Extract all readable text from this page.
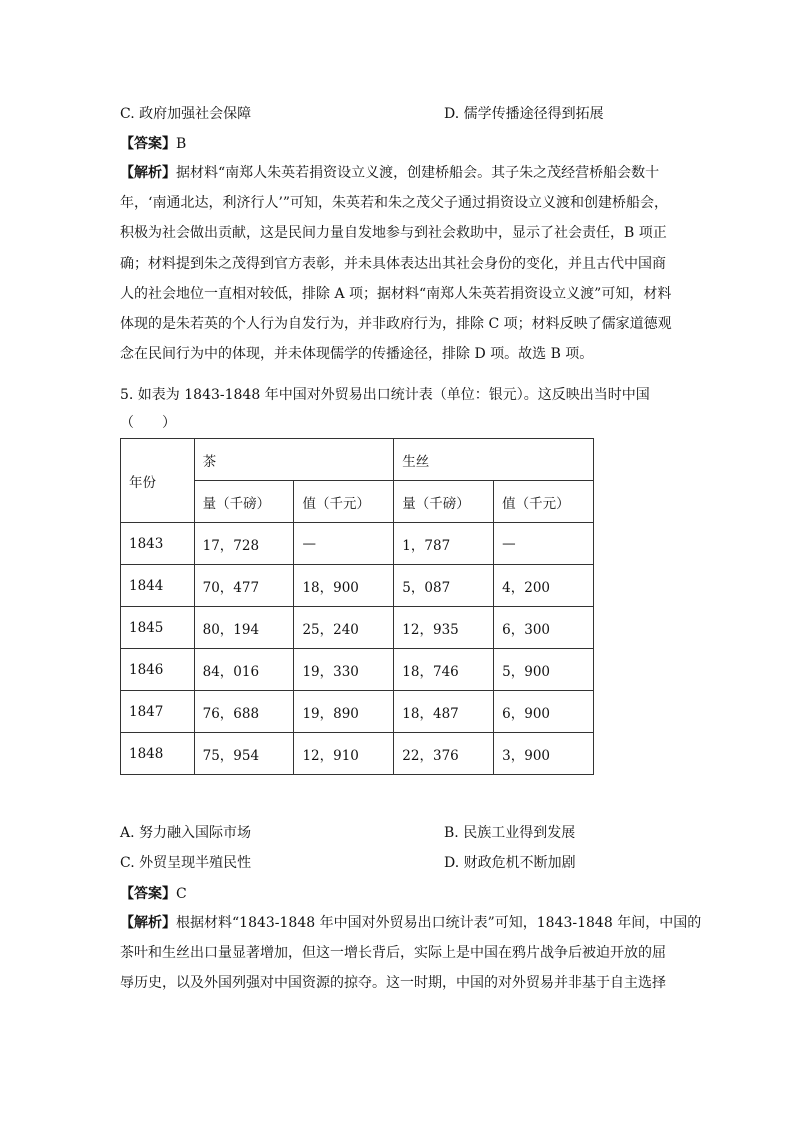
C. 政府加强社会保障	D. 儒学传播途径得到拓展
【答案】B
【解析】据材料“南郑人朱英若捐资设立义渡，创建桥船会。其子朱之茂经营桥船会数十
年，‘南通北达，利济行人’”可知，朱英若和朱之茂父子通过捐资设立义渡和创建桥船会，
积极为社会做出贡献，这是民间力量自发地参与到社会救助中，显示了社会责任，B 项正
确；材料提到朱之茂得到官方表彰，并未具体表达出其社会身份的变化，并且古代中国商
人的社会地位一直相对较低，排除 A 项；据材料“南郑人朱英若捐资设立义渡”可知，材料
体现的是朱若英的个人行为自发行为，并非政府行为，排除 C 项；材料反映了儒家道德观
念在民间行为中的体现，并未体现儒学的传播途径，排除 D 项。故选 B 项。
5. 如表为 1843-1848 年中国对外贸易出口统计表（单位：银元）。这反映出当时中国
（　　）
年份	茶		生丝	
	量（千磅）	值（千元）	量（千磅）	值（千元）
1843	17，728	—	1，787	—
1844	70，477	18，900	5，087	4，200
1845	80，194	25，240	12，935	6，300
1846	84，016	19，330	18，746	5，900
1847	76，688	19，890	18，487	6，900
1848	75，954	12，910	22，376	3，900
A. 努力融入国际市场	B. 民族工业得到发展
C. 外贸呈现半殖民性	D. 财政危机不断加剧
【答案】C
【解析】根据材料“1843-1848 年中国对外贸易出口统计表”可知，1843-1848 年间，中国的
茶叶和生丝出口量显著增加，但这一增长背后，实际上是中国在鸦片战争后被迫开放的屈
辱历史，以及外国列强对中国资源的掠夺。这一时期，中国的对外贸易并非基于自主选择
